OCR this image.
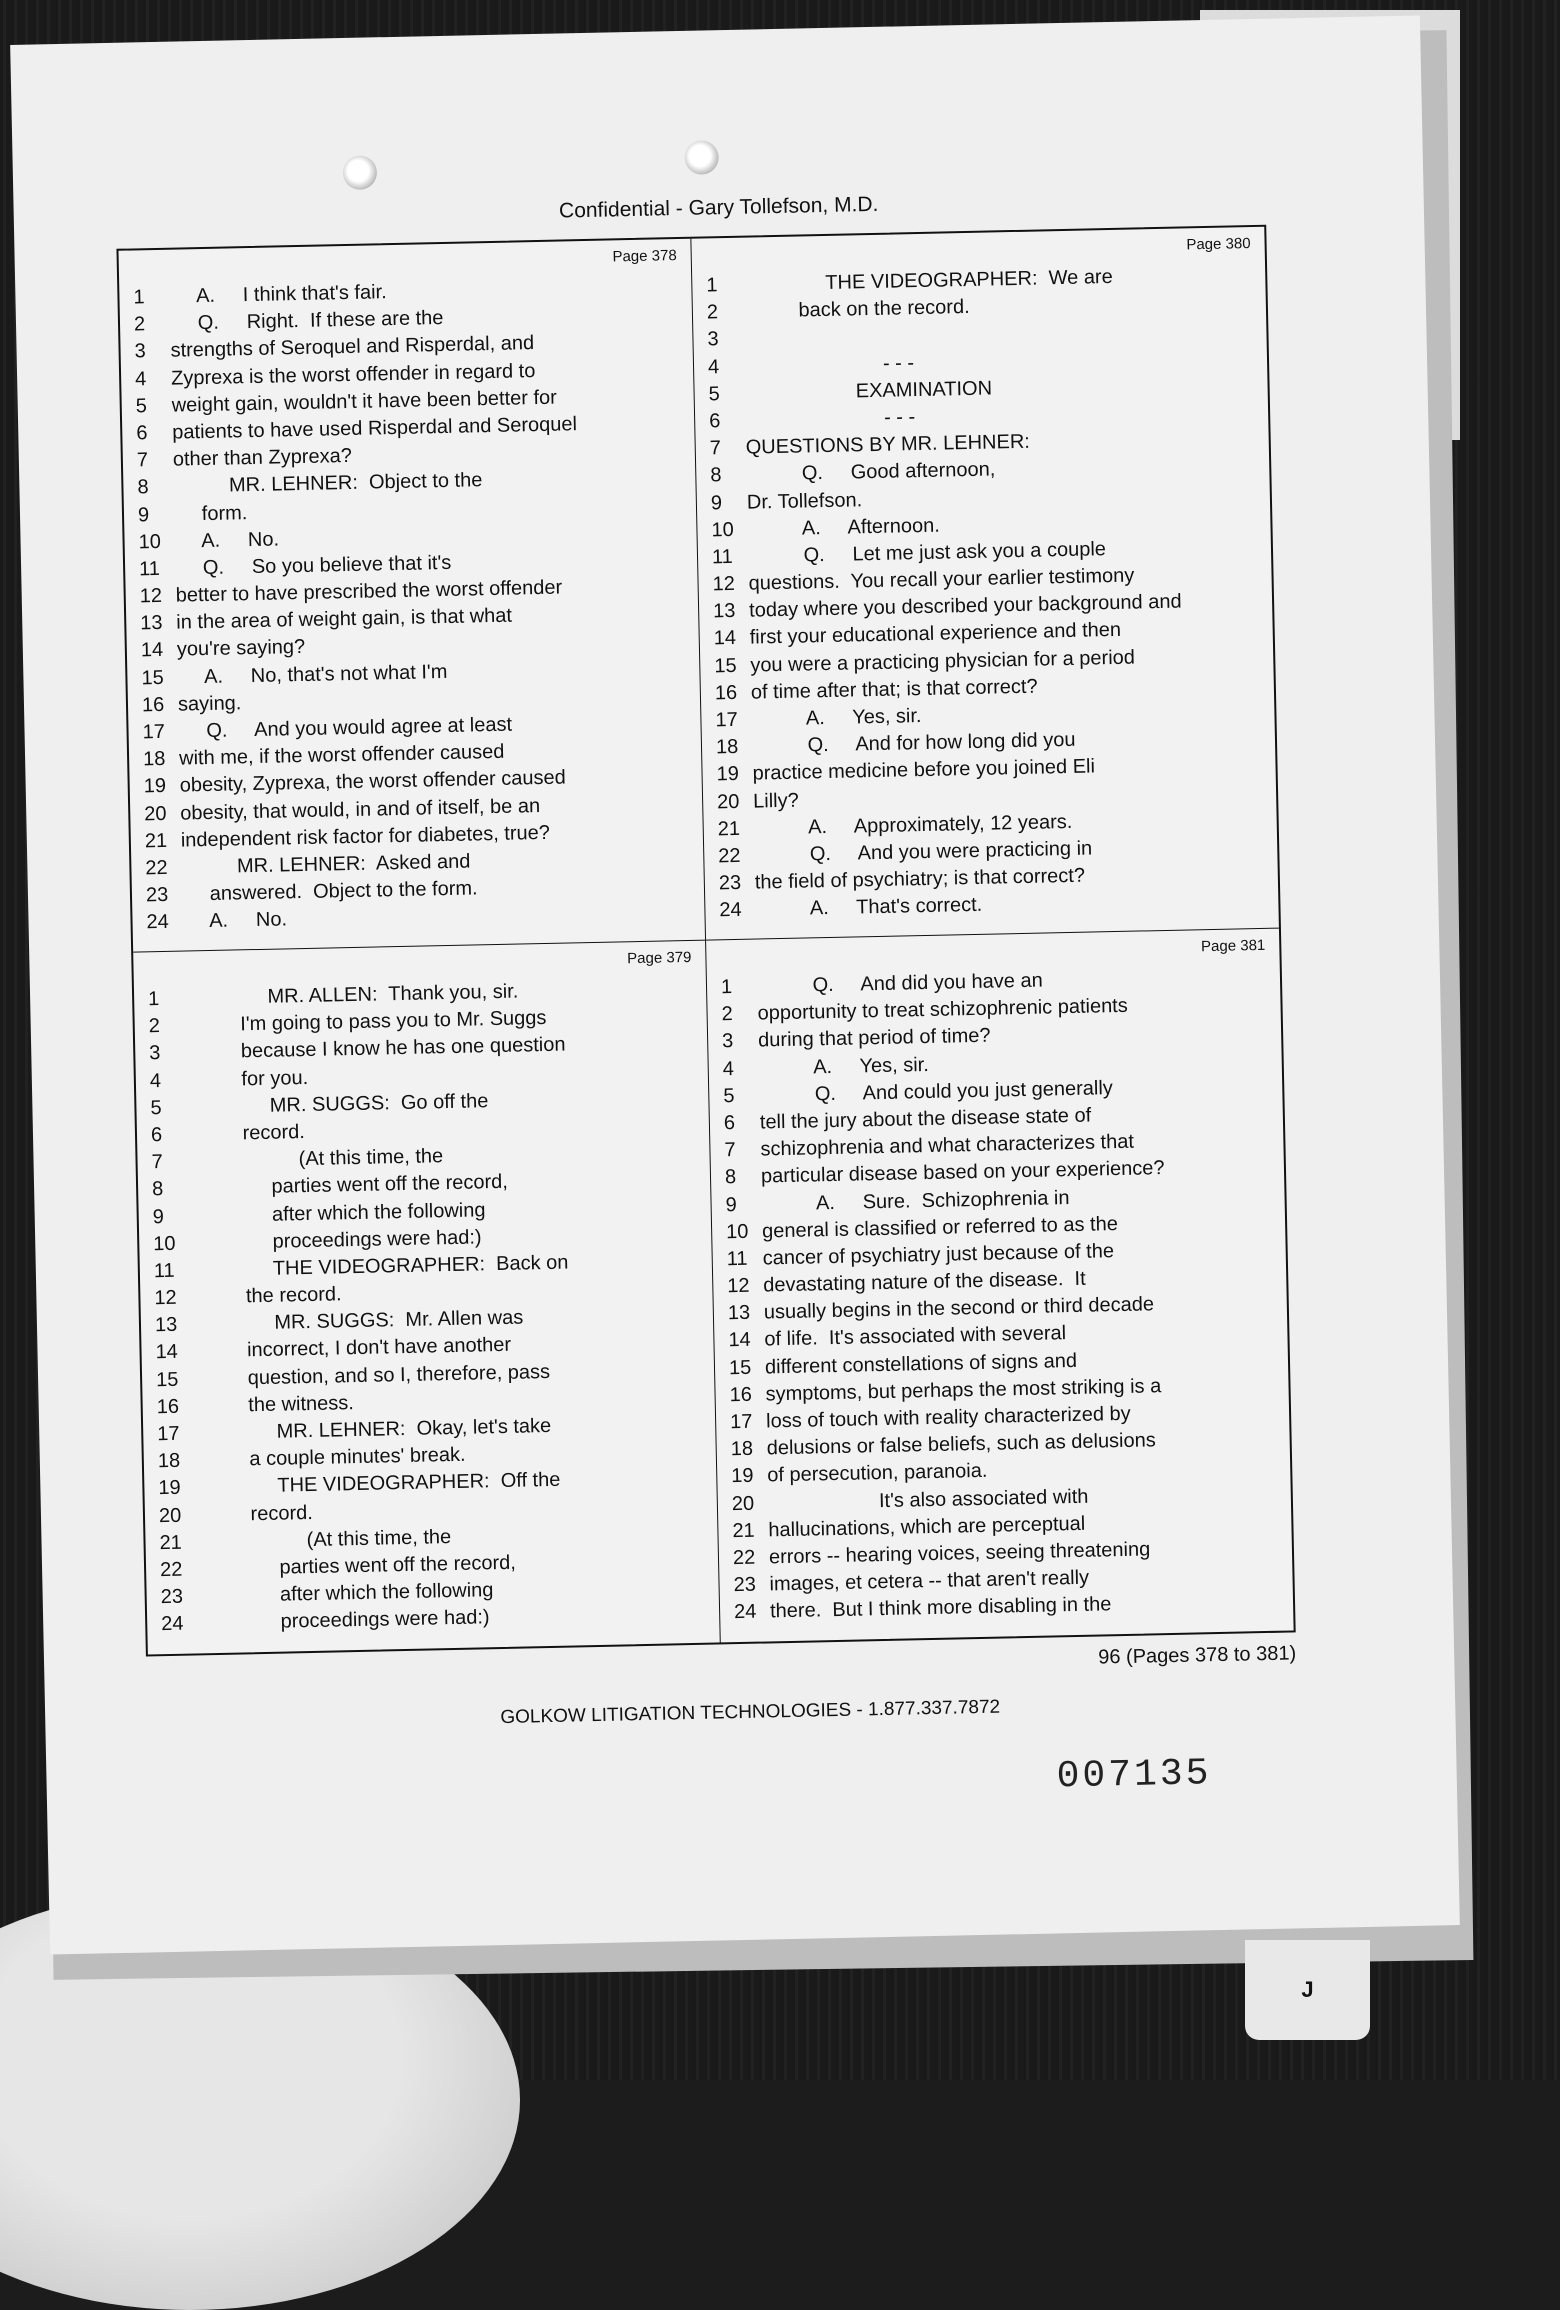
Confidential - Gary Tollefson, M.D.
Page 378
1	A.     I think that's fair.
2	Q.     Right.  If these are the
3	strengths of Seroquel and Risperdal, and
4	Zyprexa is the worst offender in regard to
5	weight gain, wouldn't it have been better for
6	patients to have used Risperdal and Seroquel
7	other than Zyprexa?
8	MR. LEHNER:  Object to the
9	form.
10 A.     No.
11 Q.     So you believe that it's
12 better to have prescribed the worst offender
13 in the area of weight gain, is that what
14 you're saying?
15 A.     No, that's not what I'm
16 saying.
17 Q.     And you would agree at least
18 with me, if the worst offender caused
19 obesity, Zyprexa, the worst offender caused
20 obesity, that would, in and of itself, be an
21 independent risk factor for diabetes, true?
22 MR. LEHNER:  Asked and
23 answered.  Object to the form.
24 A.     No.
Page 380
1	THE VIDEOGRAPHER:  We are
2	back on the record.
3
4	- - -
5	EXAMINATION
6	- - -
7	QUESTIONS BY MR. LEHNER:
8	Q.     Good afternoon,
9	Dr. Tollefson.
10 A.     Afternoon.
11 Q.     Let me just ask you a couple
12 questions.  You recall your earlier testimony
13 today where you described your background and
14 first your educational experience and then
15 you were a practicing physician for a period
16 of time after that; is that correct?
17 A.     Yes, sir.
18 Q.     And for how long did you
19 practice medicine before you joined Eli
20 Lilly?
21 A.     Approximately, 12 years.
22 Q.     And you were practicing in
23 the field of psychiatry; is that correct?
24 A.     That's correct.
Page 379
1	MR. ALLEN:  Thank you, sir.
2	I'm going to pass you to Mr. Suggs
3	because I know he has one question
4	for you.
5	MR. SUGGS:  Go off the
6	record.
7	(At this time, the
8	parties went off the record,
9	after which the following
10 proceedings were had:)
11 THE VIDEOGRAPHER:  Back on
12 the record.
13 MR. SUGGS:  Mr. Allen was
14 incorrect, I don't have another
15 question, and so I, therefore, pass
16 the witness.
17 MR. LEHNER:  Okay, let's take
18 a couple minutes' break.
19 THE VIDEOGRAPHER:  Off the
20 record.
21 (At this time, the
22 parties went off the record,
23 after which the following
24 proceedings were had:)
Page 381
1	Q.     And did you have an
2	opportunity to treat schizophrenic patients
3	during that period of time?
4	A.     Yes, sir.
5	Q.     And could you just generally
6	tell the jury about the disease state of
7	schizophrenia and what characterizes that
8	particular disease based on your experience?
9	A.     Sure.  Schizophrenia in
10 general is classified or referred to as the
11 cancer of psychiatry just because of the
12 devastating nature of the disease.  It
13 usually begins in the second or third decade
14 of life.  It's associated with several
15 different constellations of signs and
16 symptoms, but perhaps the most striking is a
17 loss of touch with reality characterized by
18 delusions or false beliefs, such as delusions
19 of persecution, paranoia.
20 It's also associated with
21 hallucinations, which are perceptual
22 errors -- hearing voices, seeing threatening
23 images, et cetera -- that aren't really
24 there.  But I think more disabling in the
96 (Pages 378 to 381)
GOLKOW LITIGATION TECHNOLOGIES - 1.877.337.7872
007135
J
